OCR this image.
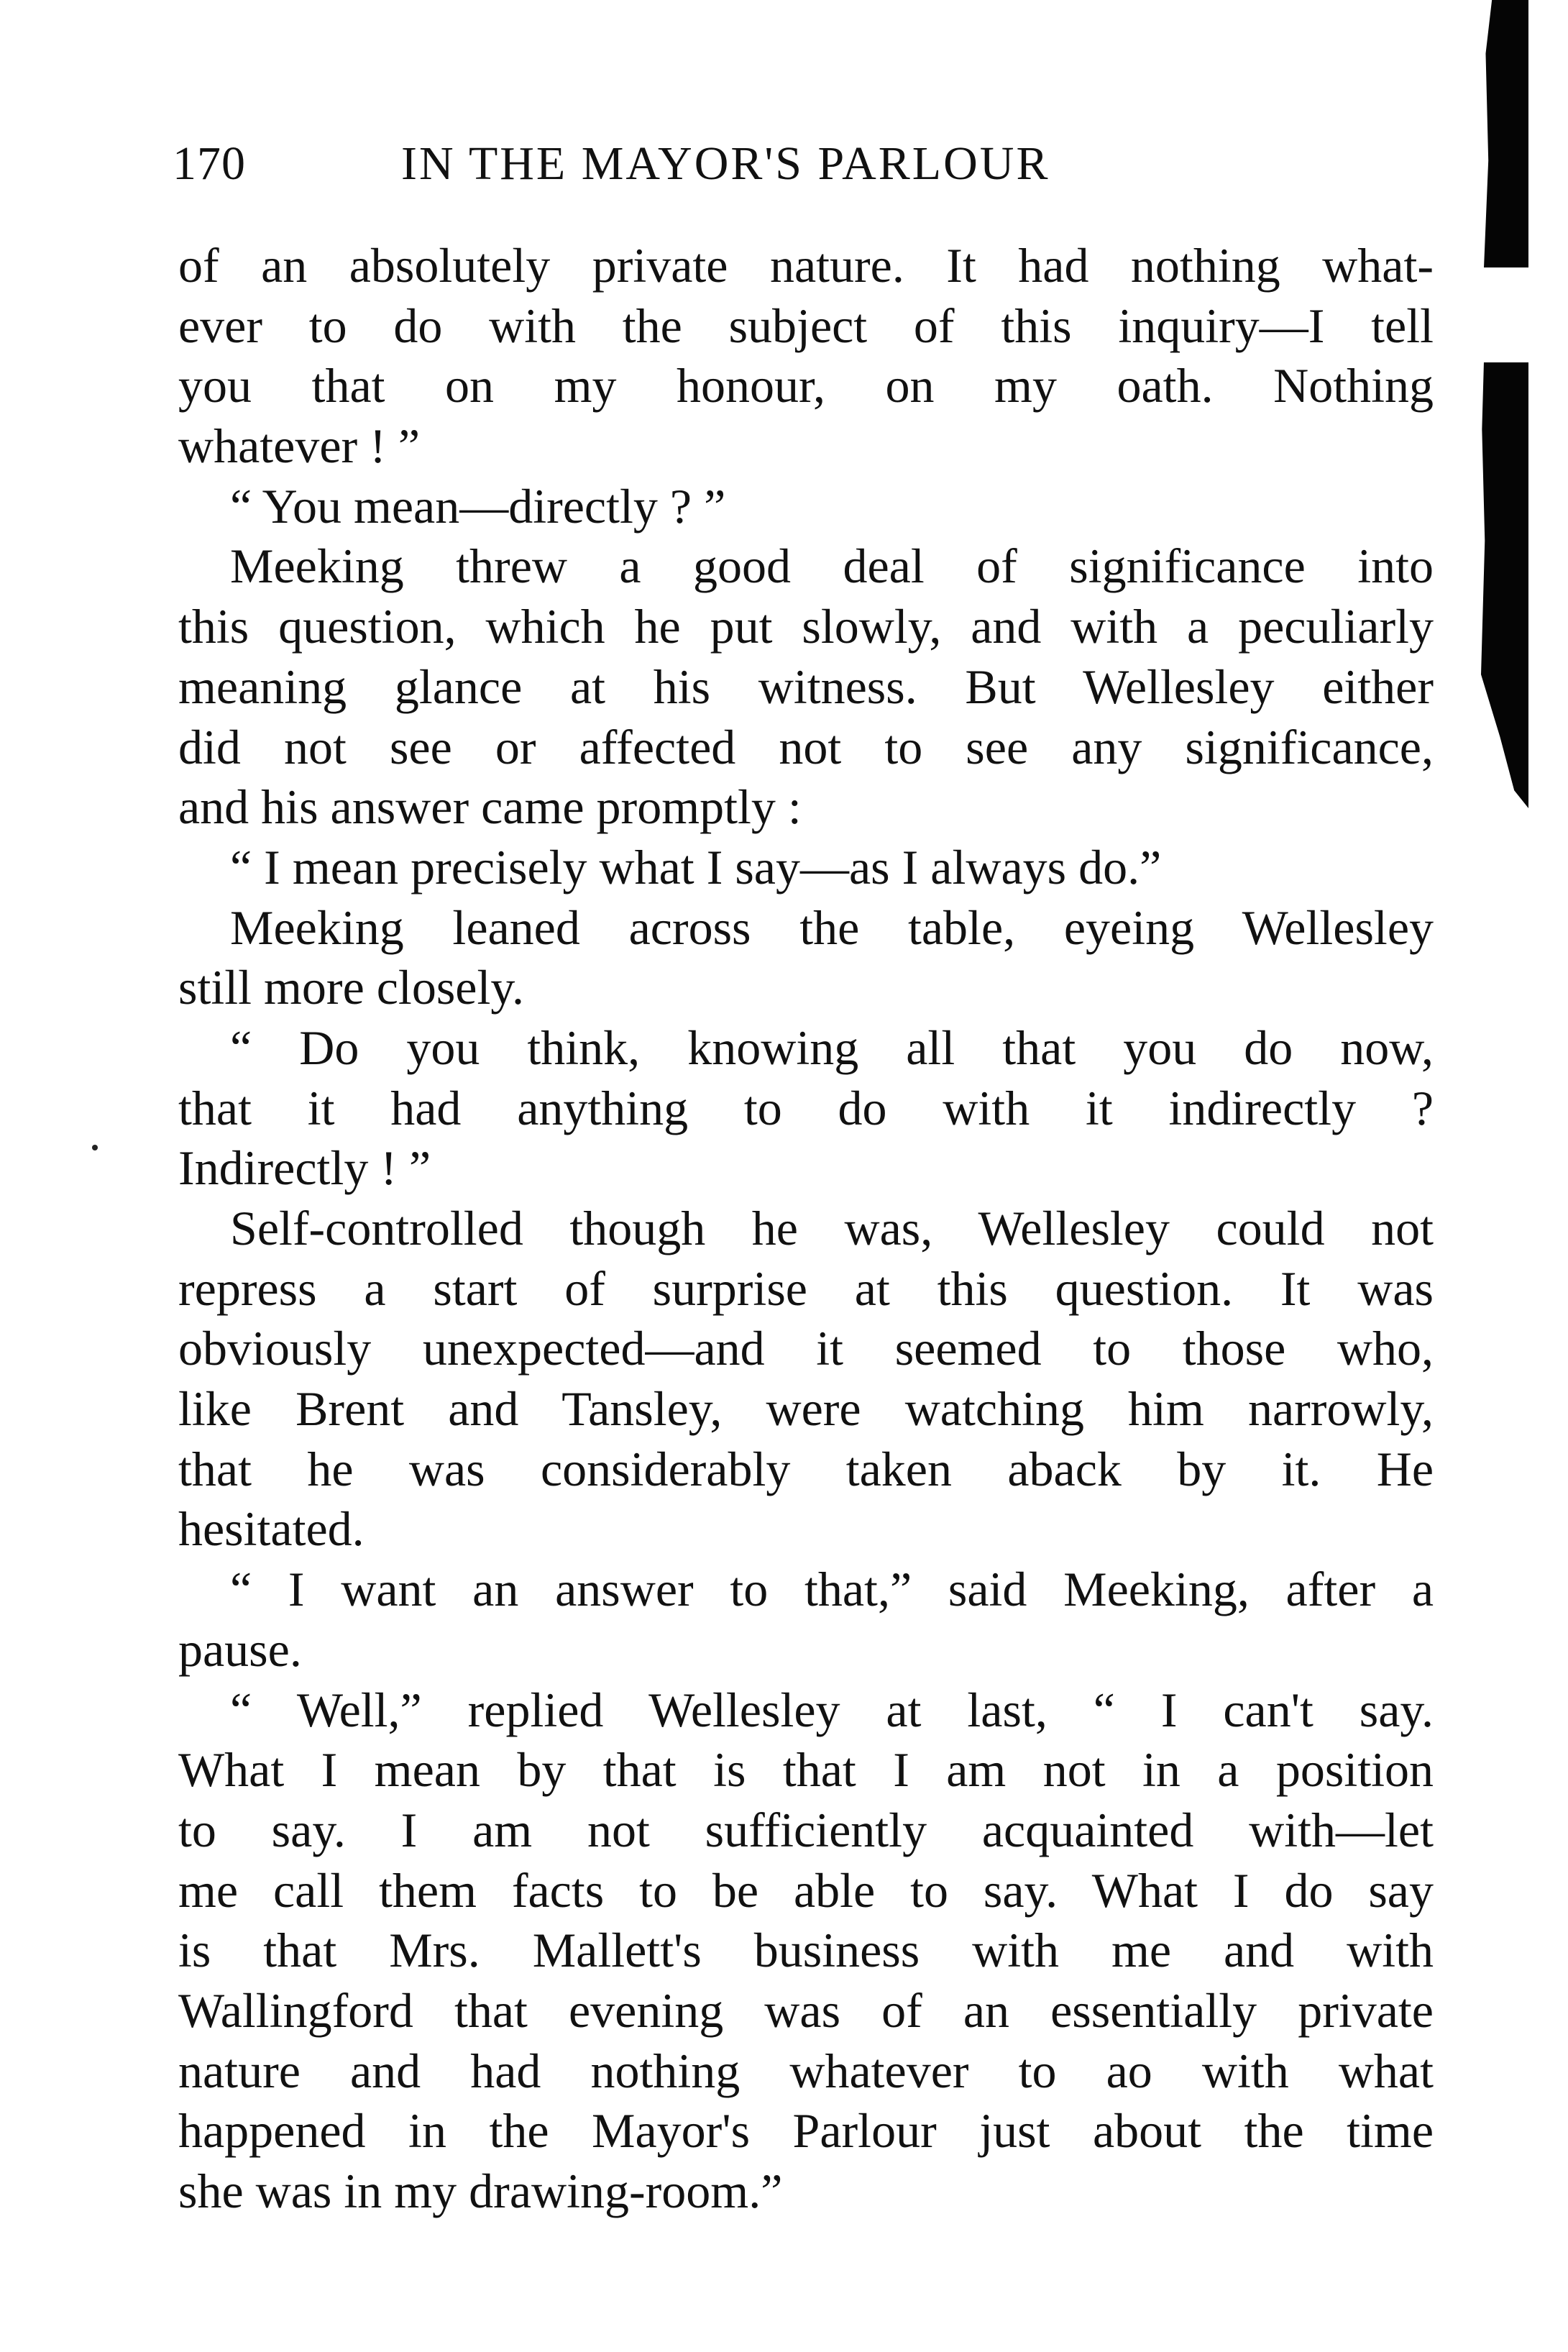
170	IN THE MAYOR'S PARLOUR
of an absolutely private nature. It had nothing what-
ever to do with the subject of this inquiry—I tell
you that on my honour, on my oath. Nothing
whatever ! ”
“ You mean—directly ? ”
Meeking threw a good deal of significance into
this question, which he put slowly, and with a peculiarly
meaning glance at his witness. But Wellesley either
did not see or affected not to see any significance,
and his answer came promptly :
“ I mean precisely what I say—as I always do.”
Meeking leaned across the table, eyeing Wellesley
still more closely.
“ Do you think, knowing all that you do now,
that it had anything to do with it indirectly ?
Indirectly ! ”
Self-controlled though he was, Wellesley could not
repress a start of surprise at this question. It was
obviously unexpected—and it seemed to those who,
like Brent and Tansley, were watching him narrowly,
that he was considerably taken aback by it. He
hesitated.
“ I want an answer to that,” said Meeking, after a
pause.
“ Well,” replied Wellesley at last, “ I can't say.
What I mean by that is that I am not in a position
to say. I am not sufficiently acquainted with—let
me call them facts to be able to say. What I do say
is that Mrs. Mallett's business with me and with
Wallingford that evening was of an essentially private
nature and had nothing whatever to ao with what
happened in the Mayor's Parlour just about the time
she was in my drawing-room.”
